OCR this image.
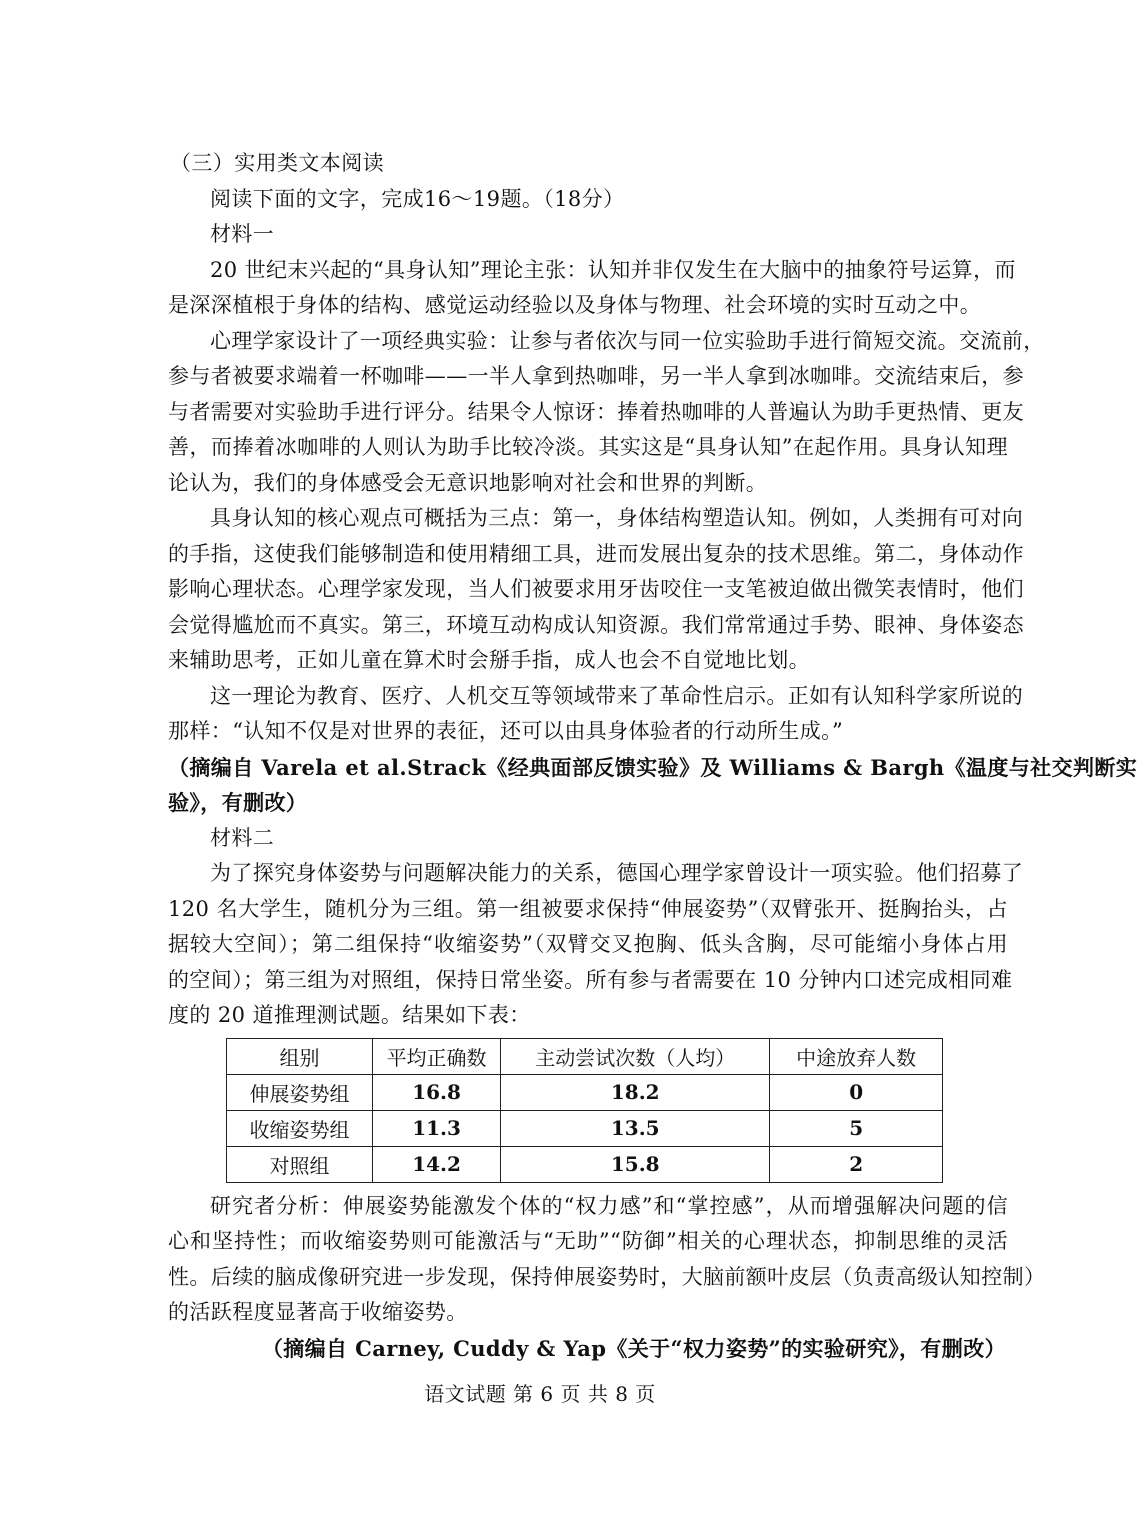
（三）实用类文本阅读
阅读下面的文字，完成16～19题。（18分）
材料一
20 世纪末兴起的“具身认知”理论主张：认知并非仅发生在大脑中的抽象符号运算，而
是深深植根于身体的结构、感觉运动经验以及身体与物理、社会环境的实时互动之中。
心理学家设计了一项经典实验：让参与者依次与同一位实验助手进行简短交流。交流前，
参与者被要求端着一杯咖啡——一半人拿到热咖啡，另一半人拿到冰咖啡。交流结束后，参
与者需要对实验助手进行评分。结果令人惊讶：捧着热咖啡的人普遍认为助手更热情、更友
善，而捧着冰咖啡的人则认为助手比较冷淡。其实这是“具身认知”在起作用。具身认知理
论认为，我们的身体感受会无意识地影响对社会和世界的判断。
具身认知的核心观点可概括为三点：第一，身体结构塑造认知。例如，人类拥有可对向
的手指，这使我们能够制造和使用精细工具，进而发展出复杂的技术思维。第二，身体动作
影响心理状态。心理学家发现，当人们被要求用牙齿咬住一支笔被迫做出微笑表情时，他们
会觉得尴尬而不真实。第三，环境互动构成认知资源。我们常常通过手势、眼神、身体姿态
来辅助思考，正如儿童在算术时会掰手指，成人也会不自觉地比划。
这一理论为教育、医疗、人机交互等领域带来了革命性启示。正如有认知科学家所说的
那样：“认知不仅是对世界的表征，还可以由具身体验者的行动所生成。”
（摘编自 Varela et al.Strack《经典面部反馈实验》及 Williams & Bargh《温度与社交判断实
验》，有删改）
材料二
为了探究身体姿势与问题解决能力的关系，德国心理学家曾设计一项实验。他们招募了
120 名大学生，随机分为三组。第一组被要求保持“伸展姿势”（双臂张开、挺胸抬头，占
据较大空间）；第二组保持“收缩姿势”（双臂交叉抱胸、低头含胸，尽可能缩小身体占用
的空间）；第三组为对照组，保持日常坐姿。所有参与者需要在 10 分钟内口述完成相同难
度的 20 道推理测试题。结果如下表：
组别	平均正确数	主动尝试次数（人均）	中途放弃人数
伸展姿势组	16.8	18.2	0
收缩姿势组	11.3	13.5	5
对照组	14.2	15.8	2
研究者分析：伸展姿势能激发个体的“权力感”和“掌控感”，从而增强解决问题的信
心和坚持性；而收缩姿势则可能激活与“无助”“防御”相关的心理状态，抑制思维的灵活
性。后续的脑成像研究进一步发现，保持伸展姿势时，大脑前额叶皮层（负责高级认知控制）
的活跃程度显著高于收缩姿势。
（摘编自 Carney, Cuddy & Yap《关于“权力姿势”的实验研究》，有删改）
语文试题 第 6 页 共 8 页
